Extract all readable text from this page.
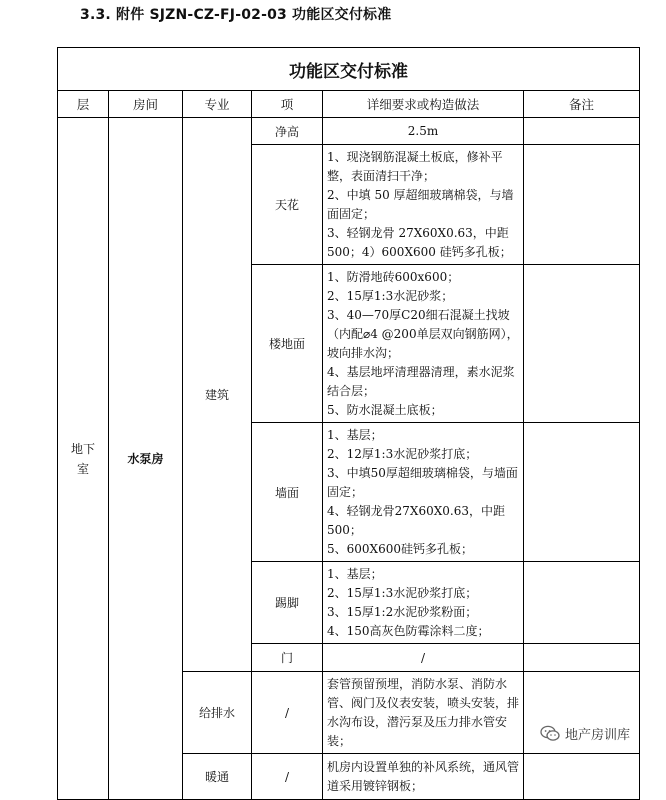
3.3. 附件 SJZN-CZ-FJ-02-03 功能区交付标准
功能区交付标准					
层	房间	专业	项	详细要求或构造做法	备注
地下室	水泵房	建筑	净高	2.5m	

			天花	1、现浇钢筋混凝土板底，修补平整，表面清扫干净；
2、中填 50 厚超细玻璃棉袋，与墙面固定；
3、轻钢龙骨 27X60X0.63，中距500；4）600X600 硅钙多孔板；	

			楼地面	1、防滑地砖600x600；
2、15厚1:3水泥砂浆；
3、40—70厚C20细石混凝土找坡（内配⌀4 @200单层双向钢筋网），坡向排水沟；
4、基层地坪清理器清理，素水泥浆结合层；
5、防水混凝土底板；	

			墙面	1、基层；
2、12厚1:3水泥砂浆打底；
3、中填50厚超细玻璃棉袋，与墙面固定；
4、轻钢龙骨27X60X0.63，中距500；
5、600X600硅钙多孔板；	

			踢脚	1、基层；
2、15厚1:3水泥砂浆打底；
3、15厚1:2水泥砂浆粉面；
4、150高灰色防霉涂料二度；	

			门	/	

		给排水	/	套管预留预埋，消防水泵、消防水管、阀门及仪表安装，喷头安装，排水沟布设，潜污泵及压力排水管安装；	

		暖通	/	机房内设置单独的补风系统，通风管道采用镀锌钢板；	

地产房训库
